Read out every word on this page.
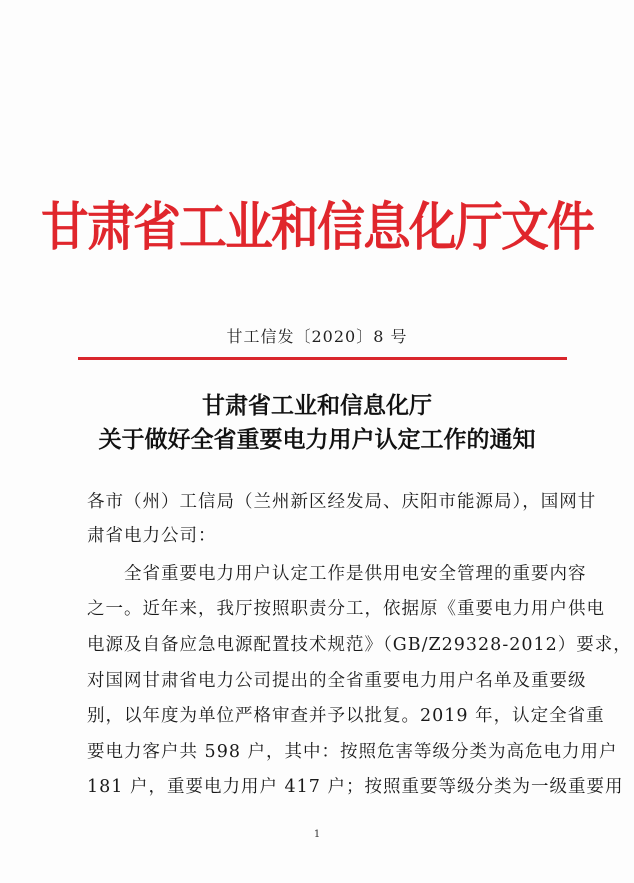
甘肃省工业和信息化厅文件
甘工信发〔2020〕8 号
甘肃省工业和信息化厅
关于做好全省重要电力用户认定工作的通知
各市（州）工信局（兰州新区经发局、庆阳市能源局），国网甘
肃省电力公司：
　　全省重要电力用户认定工作是供用电安全管理的重要内容
之一。近年来，我厅按照职责分工，依据原《重要电力用户供电
电源及自备应急电源配置技术规范》（GB/Z29328-2012）要求，
对国网甘肃省电力公司提出的全省重要电力用户名单及重要级
别，以年度为单位严格审查并予以批复。2019 年，认定全省重
要电力客户共 598 户，其中：按照危害等级分类为高危电力用户
181 户，重要电力用户 417 户；按照重要等级分类为一级重要用
1
